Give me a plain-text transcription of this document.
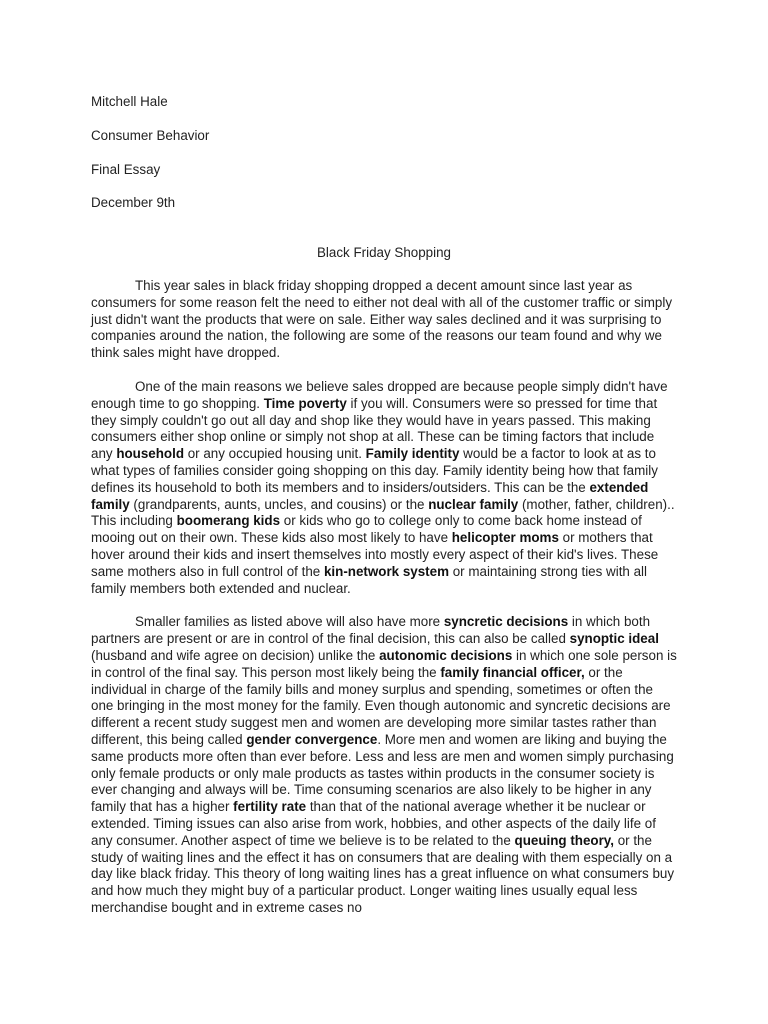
Mitchell Hale

Consumer Behavior

Final Essay

December 9th

Black Friday Shopping

This year sales in black friday shopping dropped a decent amount since last year as consumers for some reason felt the need to either not deal with all of the customer traffic or simply just didn't want the products that were on sale. Either way sales declined and it was surprising to companies around the nation, the following are some of the reasons our team found and why we think sales might have dropped.

One of the main reasons we believe sales dropped are because people simply didn't have enough time to go shopping. Time poverty if you will. Consumers were so pressed for time that they simply couldn't go out all day and shop like they would have in years passed. This making consumers either shop online or simply not shop at all. These can be timing factors that include any household or any occupied housing unit. Family identity would be a factor to look at as to what types of families consider going shopping on this day. Family identity being how that family defines its household to both its members and to insiders/outsiders. This can be the extended family (grandparents, aunts, uncles, and cousins) or the nuclear family (mother, father, children).. This including boomerang kids or kids who go to college only to come back home instead of mooing out on their own. These kids also most likely to have helicopter moms or mothers that hover around their kids and insert themselves into mostly every aspect of their kid's lives. These same mothers also in full control of the kin-network system or maintaining strong ties with all family members both extended and nuclear.

Smaller families as listed above will also have more syncretic decisions in which both partners are present or are in control of the final decision, this can also be called synoptic ideal (husband and wife agree on decision) unlike the autonomic decisions in which one sole person is in control of the final say. This person most likely being the family financial officer, or the individual in charge of the family bills and money surplus and spending, sometimes or often the one bringing in the most money for the family. Even though autonomic and syncretic decisions are different a recent study suggest men and women are developing more similar tastes rather than different, this being called gender convergence. More men and women are liking and buying the same products more often than ever before. Less and less are men and women simply purchasing only female products or only male products as tastes within products in the consumer society is ever changing and always will be. Time consuming scenarios are also likely to be higher in any family that has a higher fertility rate than that of the national average whether it be nuclear or extended. Timing issues can also arise from work, hobbies, and other aspects of the daily life of any consumer. Another aspect of time we believe is to be related to the queuing theory, or the study of waiting lines and the effect it has on consumers that are dealing with them especially on a day like black friday. This theory of long waiting lines has a great influence on what consumers buy and how much they might buy of a particular product. Longer waiting lines usually equal less merchandise bought and in extreme cases no
